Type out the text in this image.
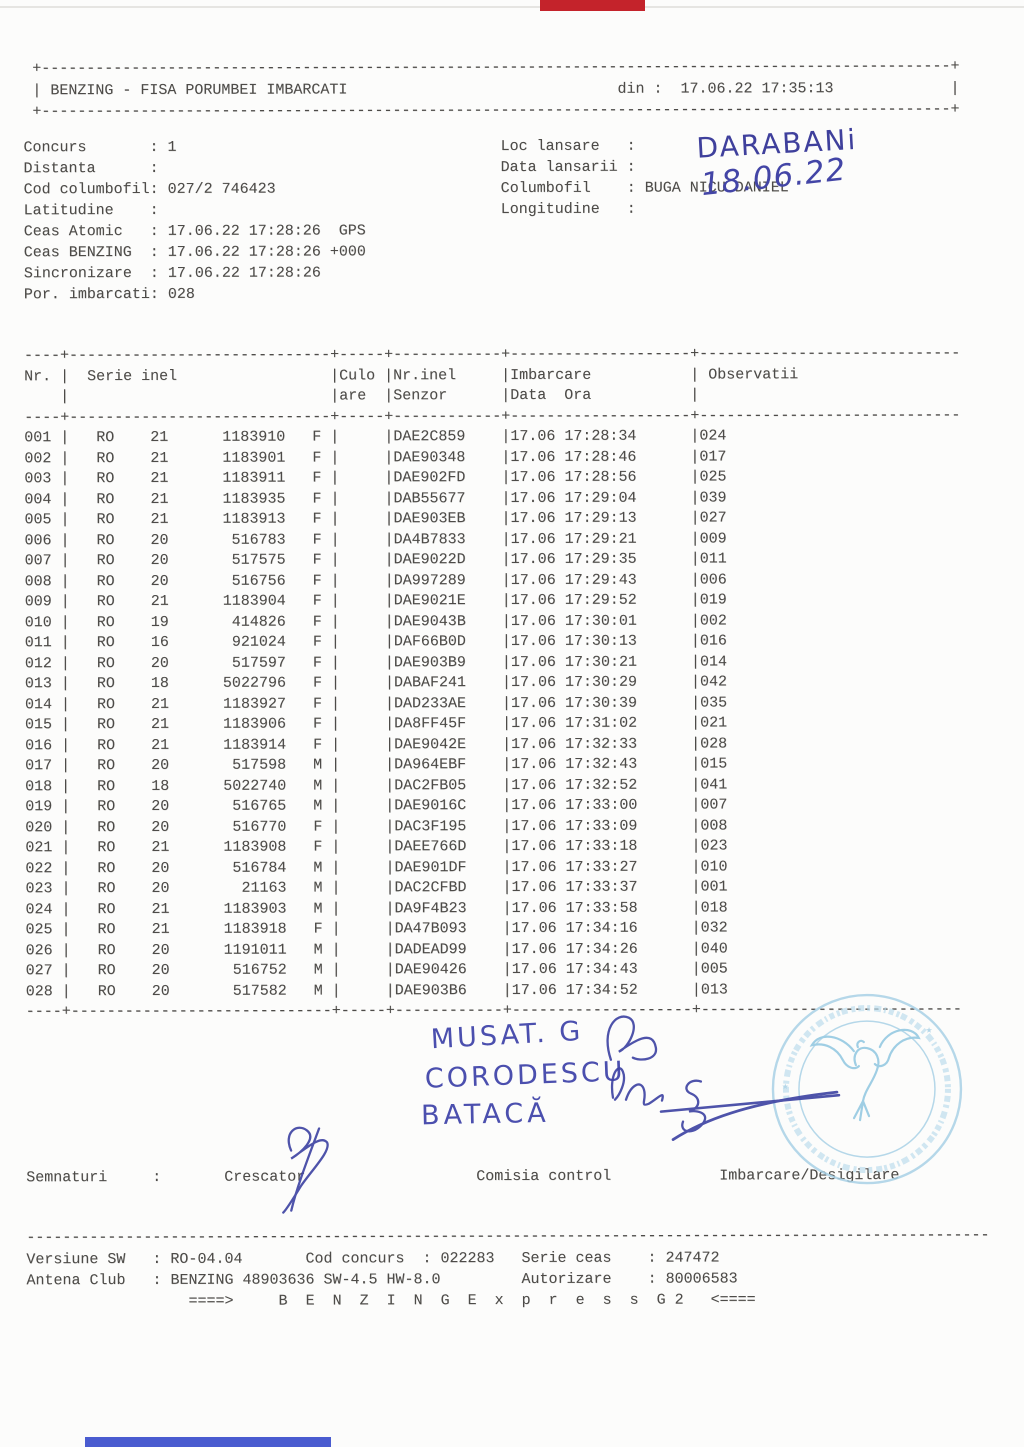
+-----------------------------------------------------------------------------------------------------+
| BENZING - FISA PORUMBEI IMBARCATI                              din :  17.06.22 17:35:13             |
+-----------------------------------------------------------------------------------------------------+
Concurs       : 1                                    Loc lansare   :
Distanta      :                                      Data lansarii :
Cod columbofil: 027/2 746423                         Columbofil    : BUGA NICU DANIEL
Latitudine    :                                      Longitudine   :
Ceas Atomic   : 17.06.22 17:28:26  GPS
Ceas BENZING  : 17.06.22 17:28:26 +000
Sincronizare  : 17.06.22 17:28:26
Por. imbarcati: 028
----+-----------------------------+-----+------------+--------------------+-----------------------------
Nr. |  Serie inel                 |Culo |Nr.inel     |Imbarcare           | Observatii
|                             |are  |Senzor      |Data  Ora           |
----+-----------------------------+-----+------------+--------------------+-----------------------------
001 |   RO    21      1183910   F |     |DAE2C859    |17.06 17:28:34      |024
002 |   RO    21      1183901   F |     |DAE90348    |17.06 17:28:46      |017
003 |   RO    21      1183911   F |     |DAE902FD    |17.06 17:28:56      |025
004 |   RO    21      1183935   F |     |DAB55677    |17.06 17:29:04      |039
005 |   RO    21      1183913   F |     |DAE903EB    |17.06 17:29:13      |027
006 |   RO    20       516783   F |     |DA4B7833    |17.06 17:29:21      |009
007 |   RO    20       517575   F |     |DAE9022D    |17.06 17:29:35      |011
008 |   RO    20       516756   F |     |DA997289    |17.06 17:29:43      |006
009 |   RO    21      1183904   F |     |DAE9021E    |17.06 17:29:52      |019
010 |   RO    19       414826   F |     |DAE9043B    |17.06 17:30:01      |002
011 |   RO    16       921024   F |     |DAF66B0D    |17.06 17:30:13      |016
012 |   RO    20       517597   F |     |DAE903B9    |17.06 17:30:21      |014
013 |   RO    18      5022796   F |     |DABAF241    |17.06 17:30:29      |042
014 |   RO    21      1183927   F |     |DAD233AE    |17.06 17:30:39      |035
015 |   RO    21      1183906   F |     |DA8FF45F    |17.06 17:31:02      |021
016 |   RO    21      1183914   F |     |DAE9042E    |17.06 17:32:33      |028
017 |   RO    20       517598   M |     |DA964EBF    |17.06 17:32:43      |015
018 |   RO    18      5022740   M |     |DAC2FB05    |17.06 17:32:52      |041
019 |   RO    20       516765   M |     |DAE9016C    |17.06 17:33:00      |007
020 |   RO    20       516770   F |     |DAC3F195    |17.06 17:33:09      |008
021 |   RO    21      1183908   F |     |DAEE766D    |17.06 17:33:18      |023
022 |   RO    20       516784   M |     |DAE901DF    |17.06 17:33:27      |010
023 |   RO    20        21163   M |     |DAC2CFBD    |17.06 17:33:37      |001
024 |   RO    21      1183903   M |     |DA9F4B23    |17.06 17:33:58      |018
025 |   RO    21      1183918   F |     |DA47B093    |17.06 17:34:16      |032
026 |   RO    20      1191011   M |     |DADEAD99    |17.06 17:34:26      |040
027 |   RO    20       516752   M |     |DAE90426    |17.06 17:34:43      |005
028 |   RO    20       517582   M |     |DAE903B6    |17.06 17:34:52      |013
----+-----------------------------+-----+------------+--------------------+-----------------------------
Semnaturi     :       Crescator                   Comisia control            Imbarcare/Desigilare
-----------------------------------------------------------------------------------------------------------
Versiune SW   : RO-04.04       Cod concurs  : 022283   Serie ceas    : 247472
Antena Club   : BENZING 48903636 SW-4.5 HW-8.0         Autorizare    : 80006583
====>     B  E  N  Z  I  N  G  E  x  p  r  e  s  s  G 2   <====
DARABANi
18.06.22
MUSAT. G
CORODESCU
BATACĂ
★
★
